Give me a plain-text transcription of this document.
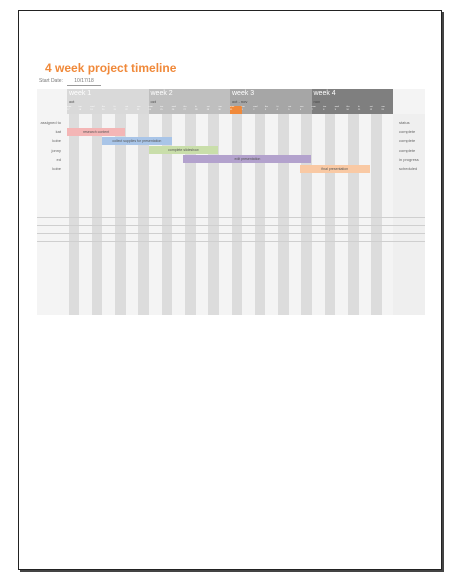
4 week project timeline
Start Date:	10/17/18
week 1
oct
mon
17
tue
18
wed
19
thu
20
fri
21
sat
22
sun
23
week 2
oct
mon
24
tue
25
wed
26
thu
27
fri
28
sat
29
sun
30
week 3
oct - nov
mon
31
tue
1
wed
2
thu
3
fri
4
sat
5
sun
6
week 4
nov
mon
7
tue
8
wed
9
thu
10
fri
11
sat
12
sun
13
assigned to	status
kat	complete
research content
kobe	complete
collect supplies for presentation
jonny	complete
complete slideshow
ed	in progress
edit presentation
kobe	scheduled
final presentation
